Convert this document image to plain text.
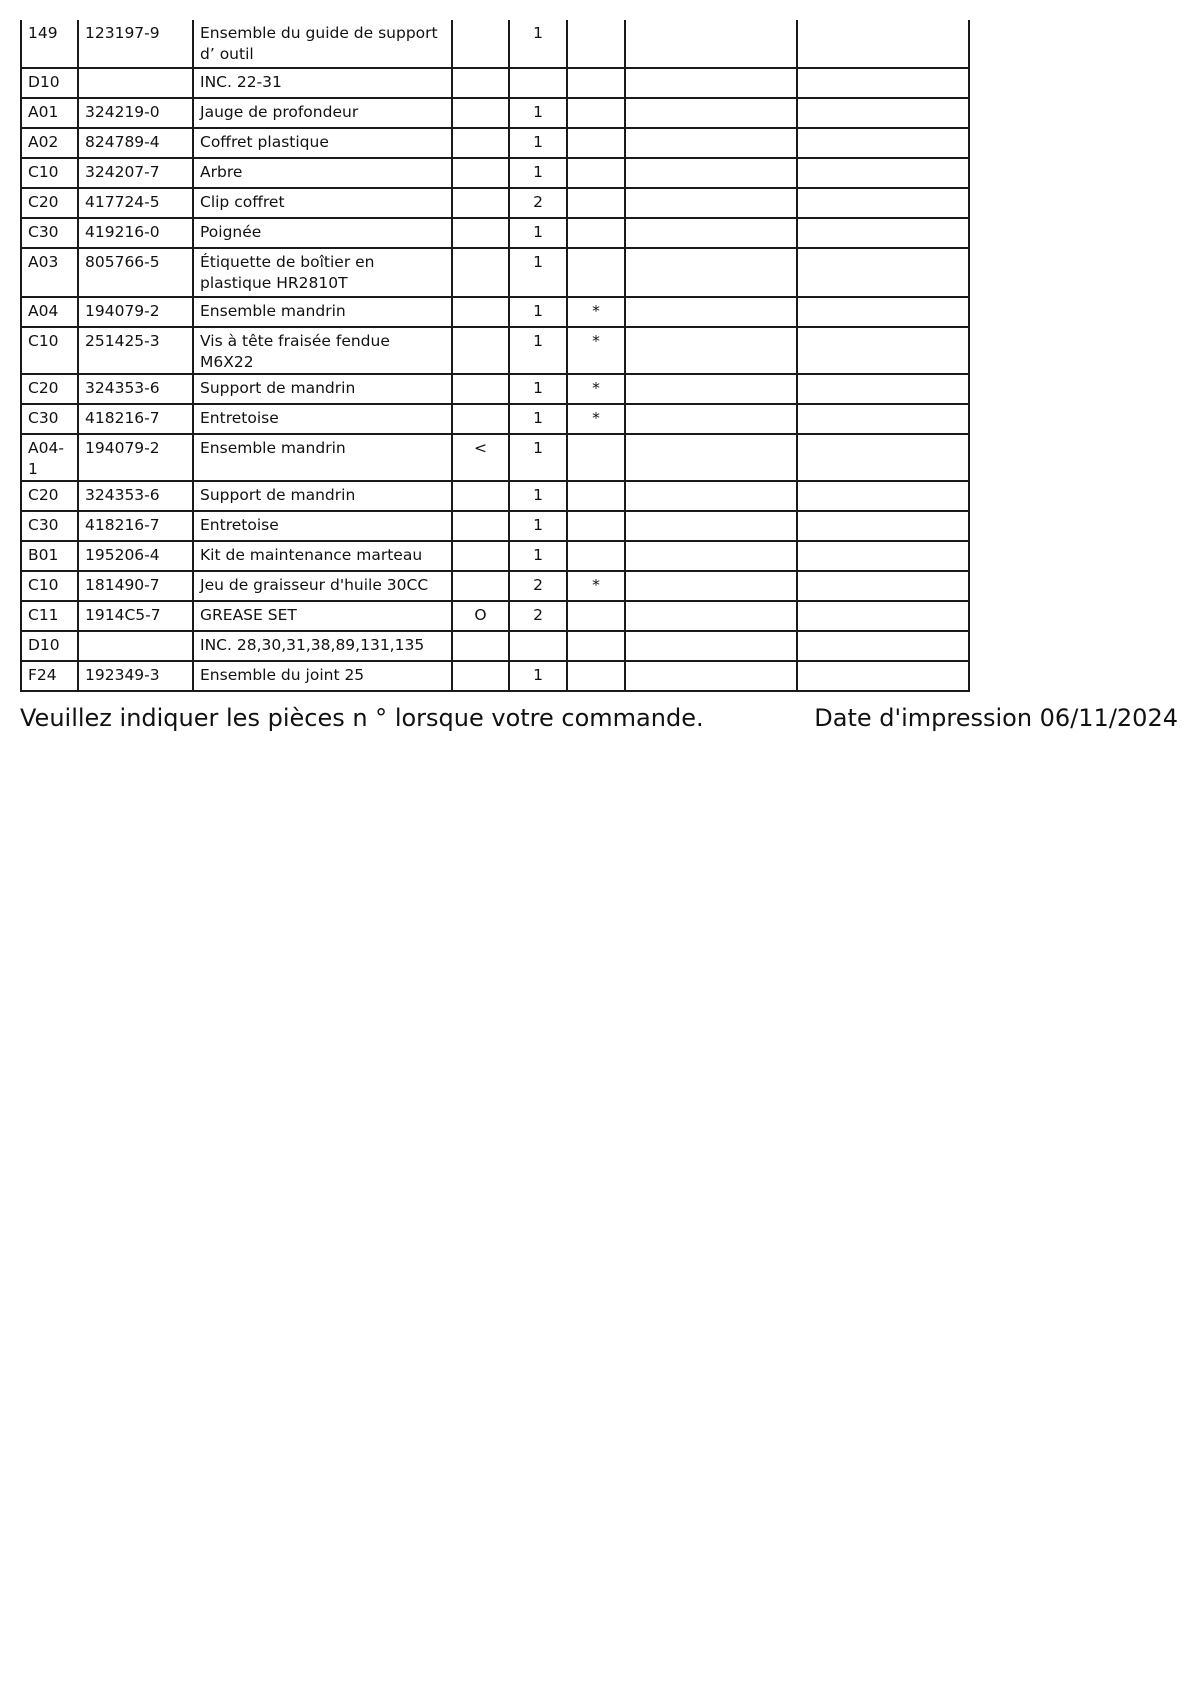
149	123197-9	Ensemble du guide de support d’ outil		1			

D10		INC. 22-31					

A01	324219-0	Jauge de profondeur		1			

A02	824789-4	Coffret plastique		1			

C10	324207-7	Arbre		1			

C20	417724-5	Clip coffret		2			

C30	419216-0	Poignée		1			

A03	805766-5	Étiquette de boîtier en plastique HR2810T		1			

A04	194079-2	Ensemble mandrin		1	*		

C10	251425-3	Vis à tête fraisée fendue M6X22		1	*		

C20	324353-6	Support de mandrin		1	*		

C30	418216-7	Entretoise		1	*		

A04-1	194079-2	Ensemble mandrin	<	1			

C20	324353-6	Support de mandrin		1			

C30	418216-7	Entretoise		1			

B01	195206-4	Kit de maintenance marteau		1			

C10	181490-7	Jeu de graisseur d'huile 30CC		2	*		

C11	1914C5-7	GREASE SET	O	2			

D10		INC. 28,30,31,38,89,131,135					

F24	192349-3	Ensemble du joint 25		1			

Veuillez indiquer les pièces n ° lorsque votre commande.	Date d'impression 06/11/2024
